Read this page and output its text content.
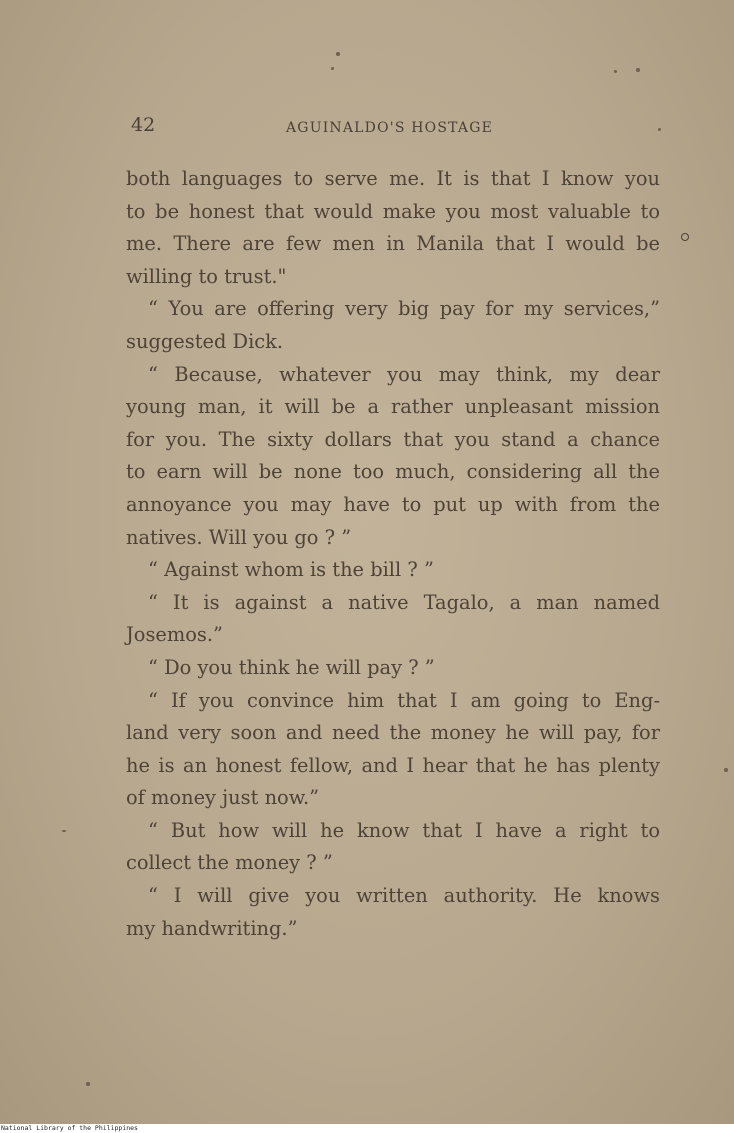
42	AGUINALDO'S HOSTAGE
both languages to serve me. It is that I know you
to be honest that would make you most valuable to
me. There are few men in Manila that I would be
willing to trust."
“ You are offering very big pay for my services,”
suggested Dick.
“ Because, whatever you may think, my dear
young man, it will be a rather unpleasant mission
for you. The sixty dollars that you stand a chance
to earn will be none too much, considering all the
annoyance you may have to put up with from the
natives. Will you go ? ”
“ Against whom is the bill ? ”
“ It is against a native Tagalo, a man named
Josemos.”
“ Do you think he will pay ? ”
“ If you convince him that I am going to Eng-
land very soon and need the money he will pay, for
he is an honest fellow, and I hear that he has plenty
of money just now.”
“ But how will he know that I have a right to
collect the money ? ”
“ I will give you written authority. He knows
my handwriting.”
National Library of the Philippines
